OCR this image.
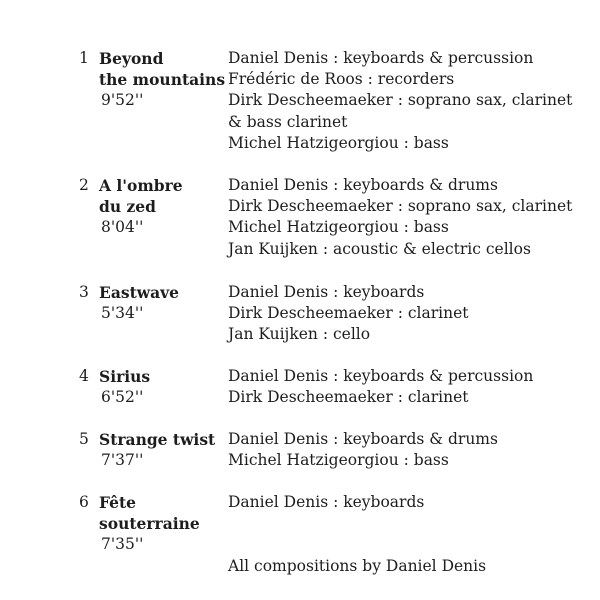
1 Beyond
the mountains
9'52''
Daniel Denis : keyboards & percussion
Frédéric de Roos : recorders
Dirk Descheemaeker : soprano sax, clarinet
& bass clarinet
Michel Hatzigeorgiou : bass
2 A l'ombre
du zed
8'04''
Daniel Denis : keyboards & drums
Dirk Descheemaeker : soprano sax, clarinet
Michel Hatzigeorgiou : bass
Jan Kuijken : acoustic & electric cellos
3 Eastwave
5'34''
Daniel Denis : keyboards
Dirk Descheemaeker : clarinet
Jan Kuijken : cello
4 Sirius
6'52''
Daniel Denis : keyboards & percussion
Dirk Descheemaeker : clarinet
5 Strange twist
7'37''
Daniel Denis : keyboards & drums
Michel Hatzigeorgiou : bass
6 Fête
souterraine
7'35''
Daniel Denis : keyboards
All compositions by Daniel Denis
